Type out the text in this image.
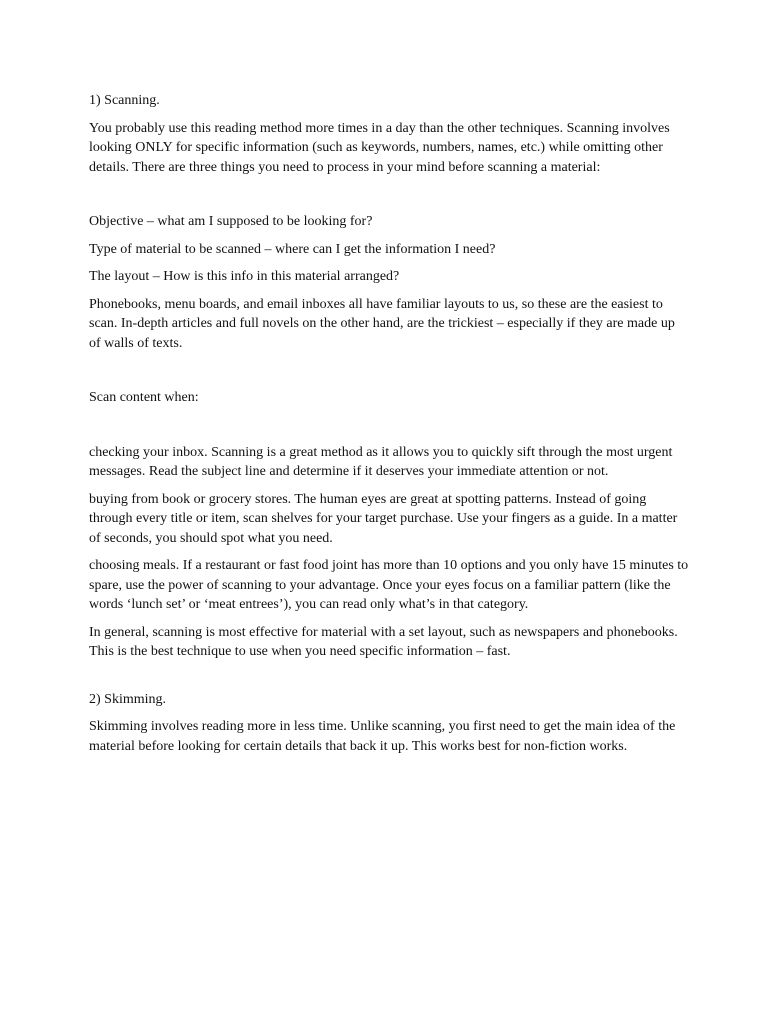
1) Scanning.

You probably use this reading method more times in a day than the other techniques. Scanning involves looking ONLY for specific information (such as keywords, numbers, names, etc.) while omitting other details. There are three things you need to process in your mind before scanning a material:

Objective – what am I supposed to be looking for?

Type of material to be scanned – where can I get the information I need?

The layout – How is this info in this material arranged?

Phonebooks, menu boards, and email inboxes all have familiar layouts to us, so these are the easiest to scan. In-depth articles and full novels on the other hand, are the trickiest – especially if they are made up of walls of texts.

Scan content when:

checking your inbox. Scanning is a great method as it allows you to quickly sift through the most urgent messages. Read the subject line and determine if it deserves your immediate attention or not.

buying from book or grocery stores. The human eyes are great at spotting patterns. Instead of going through every title or item, scan shelves for your target purchase. Use your fingers as a guide. In a matter of seconds, you should spot what you need.

choosing meals. If a restaurant or fast food joint has more than 10 options and you only have 15 minutes to spare, use the power of scanning to your advantage. Once your eyes focus on a familiar pattern (like the words ‘lunch set’ or ‘meat entrees’), you can read only what’s in that category.

In general, scanning is most effective for material with a set layout, such as newspapers and phonebooks. This is the best technique to use when you need specific information – fast.

2) Skimming.

Skimming involves reading more in less time. Unlike scanning, you first need to get the main idea of the material before looking for certain details that back it up. This works best for non-fiction works.
